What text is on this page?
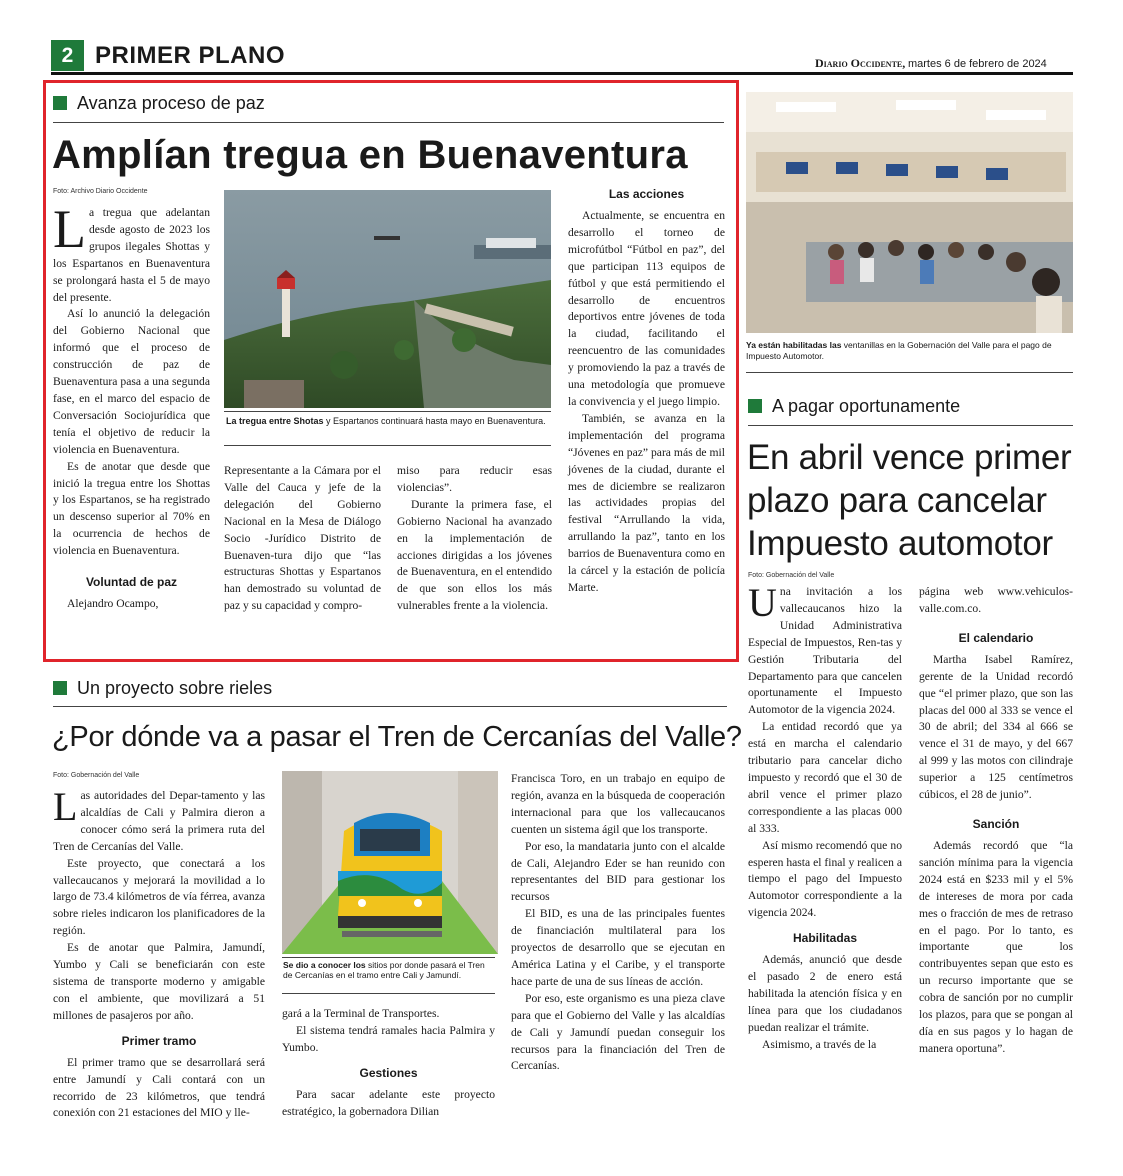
2 PRIMER PLANO	Diario Occidente, martes 6 de febrero de 2024
Avanza proceso de paz
Amplían tregua en Buenaventura
Foto: Archivo Diario Occidente
La tregua entre Shotas y Espartanos continuará hasta mayo en Buenaventura.

La tregua que adelantan desde agosto de 2023 los grupos ilegales Shottas y los Espartanos en Buenaventura se prolongará hasta el 5 de mayo del presente.

Así lo anunció la delegación del Gobierno Nacional que informó que el proceso de construcción de paz de Buenaventura pasa a una segunda fase, en el marco del espacio de Conversación Sociojurídica que tenía el objetivo de reducir la violencia en Buenaventura.

Es de anotar que desde que inició la tregua entre los Shottas y los Espartanos, se ha registrado un descenso superior al 70% en la ocurrencia de hechos de violencia en Buenaventura.

Voluntad de paz

Alejandro Ocampo,

Representante a la Cámara por el Valle del Cauca y jefe de la delegación del Gobierno Nacional en la Mesa de Diálogo Socio -Jurídico Distrito de Buenaven-tura dijo que “las estructuras Shottas y Espartanos han demostrado su voluntad de paz y su capacidad y compro-

miso para reducir esas violencias”.

Durante la primera fase, el Gobierno Nacional ha avanzado en la implementación de acciones dirigidas a los jóvenes de Buenaventura, en el entendido de que son ellos los más vulnerables frente a la violencia.

Las acciones

Actualmente, se encuentra en desarrollo el torneo de microfútbol “Fútbol en paz”, del que participan 113 equipos de fútbol y que está permitiendo el desarrollo de encuentros deportivos entre jóvenes de toda la ciudad, facilitando el reencuentro de las comunidades y promoviendo la paz a través de una metodología que promueve la convivencia y el juego limpio.

También, se avanza en la implementación del programa “Jóvenes en paz” para más de mil jóvenes de la ciudad, durante el mes de diciembre se realizaron las actividades propias del festival “Arrullando la vida, arrullando la paz”, tanto en los barrios de Buenaventura como en la cárcel y la estación de policía Marte.

Un proyecto sobre rieles
¿Por dónde va a pasar el Tren de Cercanías del Valle?
Foto: Gobernación del Valle
Se dio a conocer los sitios por donde pasará el Tren de Cercanías en el tramo entre Cali y Jamundí.

Las autoridades del Depar-tamento y las alcaldías de Cali y Palmira dieron a conocer cómo será la primera ruta del Tren de Cercanías del Valle.

Este proyecto, que conectará a los vallecaucanos y mejorará la movilidad a lo largo de 73.4 kilómetros de vía férrea, avanza sobre rieles indicaron los planificadores de la región.

Es de anotar que Palmira, Jamundí, Yumbo y Cali se beneficiarán con este sistema de transporte moderno y amigable con el ambiente, que movilizará a 51 millones de pasajeros por año.

Primer tramo

El primer tramo que se desarrollará será entre Jamundí y Cali contará con un recorrido de 23 kilómetros, que tendrá conexión con 21 estaciones del MIO y lle-

gará a la Terminal de Transportes.

El sistema tendrá ramales hacia Palmira y Yumbo.

Gestiones

Para sacar adelante este proyecto estratégico, la gobernadora Dilian

Francisca Toro, en un trabajo en equipo de región, avanza en la búsqueda de cooperación internacional para que los vallecaucanos cuenten un sistema ágil que los transporte.

Por eso, la mandataria junto con el alcalde de Cali, Alejandro Eder se han reunido con representantes del BID para gestionar los recursos

El BID, es una de las principales fuentes de financiación multilateral para los proyectos de desarrollo que se ejecutan en América Latina y el Caribe, y el transporte hace parte de una de sus líneas de acción.

Por eso, este organismo es una pieza clave para que el Gobierno del Valle y las alcaldías de Cali y Jamundí puedan conseguir los recursos para la financiación del Tren de Cercanías.

Ya están habilitadas las ventanillas en la Gobernación del Valle para el pago de Impuesto Automotor.
A pagar oportunamente
En abril vence primer plazo para cancelar Impuesto automotor
Foto: Gobernación del Valle

Una invitación a los vallecaucanos hizo la Unidad Administrativa Especial de Impuestos, Ren-tas y Gestión Tributaria del Departamento para que cancelen oportunamente el Impuesto Automotor de la vigencia 2024.

La entidad recordó que ya está en marcha el calendario tributario para cancelar dicho impuesto y recordó que el 30 de abril vence el primer plazo correspondiente a las placas 000 al 333.

Así mismo recomendó que no esperen hasta el final y realicen a tiempo el pago del Impuesto Automotor correspondiente a la vigencia 2024.

Habilitadas

Además, anunció que desde el pasado 2 de enero está habilitada la atención física y en línea para que los ciudadanos puedan realizar el trámite.

Asimismo, a través de la

página web www.vehiculos-valle.com.co.

El calendario

Martha Isabel Ramírez, gerente de la Unidad recordó que “el primer plazo, que son las placas del 000 al 333 se vence el 30 de abril; del 334 al 666 se vence el 31 de mayo, y del 667 al 999 y las motos con cilindraje superior a 125 centímetros cúbicos, el 28 de junio”.

Sanción

Además recordó que “la sanción mínima para la vigencia 2024 está en $233 mil y el 5% de intereses de mora por cada mes o fracción de mes de retraso en el pago. Por lo tanto, es importante que los contribuyentes sepan que esto es un recurso importante que se cobra de sanción por no cumplir los plazos, para que se pongan al día en sus pagos y lo hagan de manera oportuna”.
